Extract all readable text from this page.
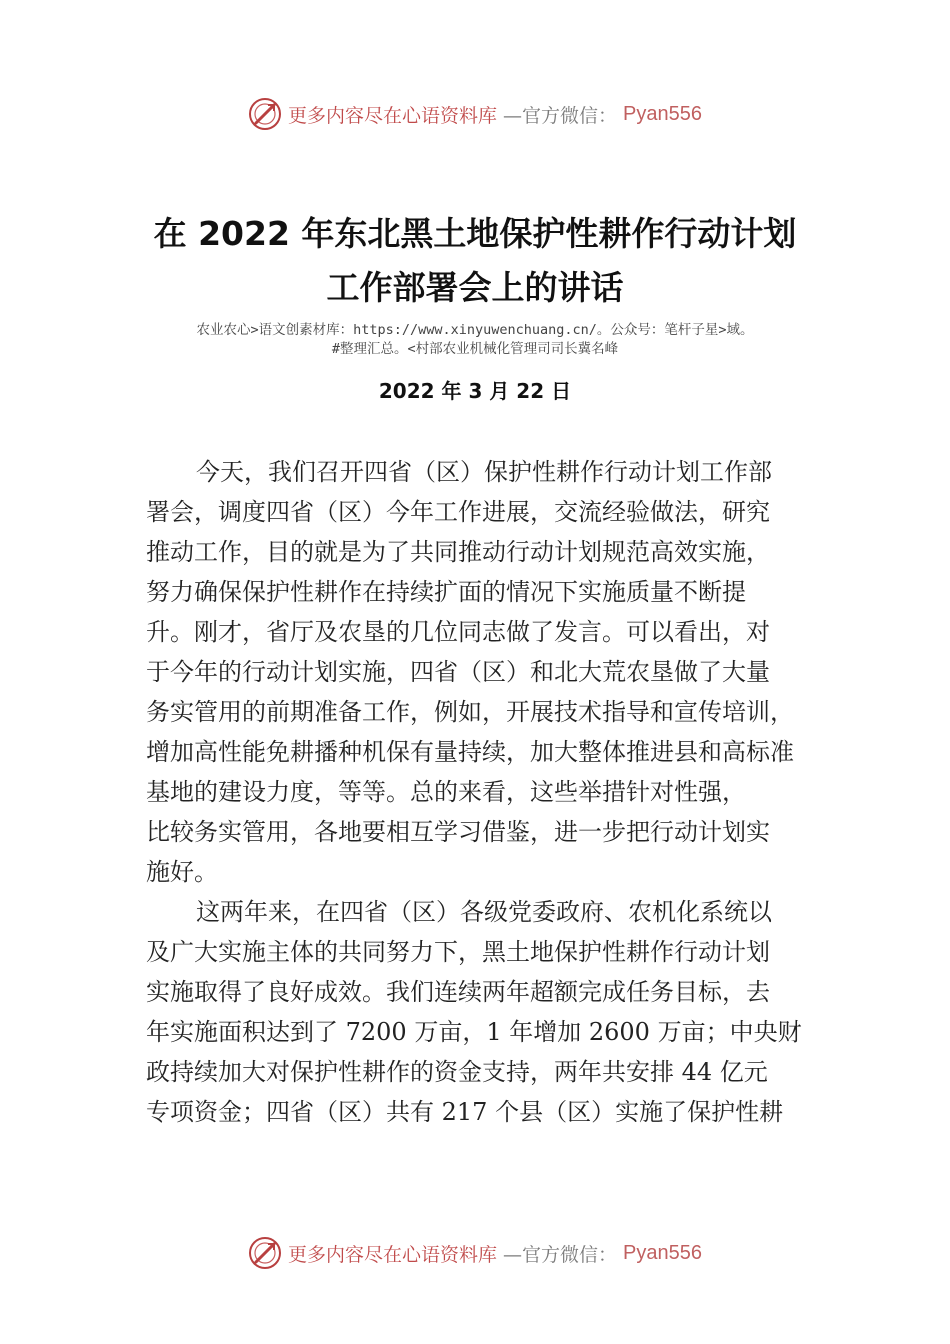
更多内容尽在心语资料库 —官方微信： Pyan556
在 2022 年东北黑土地保护性耕作行动计划
工作部署会上的讲话
农业农心>语文创素材库：https://www.xinyuwenchuang.cn/。公众号：笔杆子星>域。
#整理汇总。<村部农业机械化管理司司长冀名峰
2022 年 3 月 22 日
今天，我们召开四省（区）保护性耕作行动计划工作部
署会，调度四省（区）今年工作进展，交流经验做法，研究
推动工作，目的就是为了共同推动行动计划规范高效实施，
努力确保保护性耕作在持续扩面的情况下实施质量不断提
升。刚才，省厅及农垦的几位同志做了发言。可以看出，对
于今年的行动计划实施，四省（区）和北大荒农垦做了大量
务实管用的前期准备工作，例如，开展技术指导和宣传培训，
增加高性能免耕播种机保有量持续，加大整体推进县和高标准
基地的建设力度，等等。总的来看，这些举措针对性强，
比较务实管用，各地要相互学习借鉴，进一步把行动计划实
施好。
这两年来，在四省（区）各级党委政府、农机化系统以
及广大实施主体的共同努力下，黑土地保护性耕作行动计划
实施取得了良好成效。我们连续两年超额完成任务目标，去
年实施面积达到了 7200 万亩，1 年增加 2600 万亩；中央财
政持续加大对保护性耕作的资金支持，两年共安排 44 亿元
专项资金；四省（区）共有 217 个县（区）实施了保护性耕
更多内容尽在心语资料库 —官方微信： Pyan556
